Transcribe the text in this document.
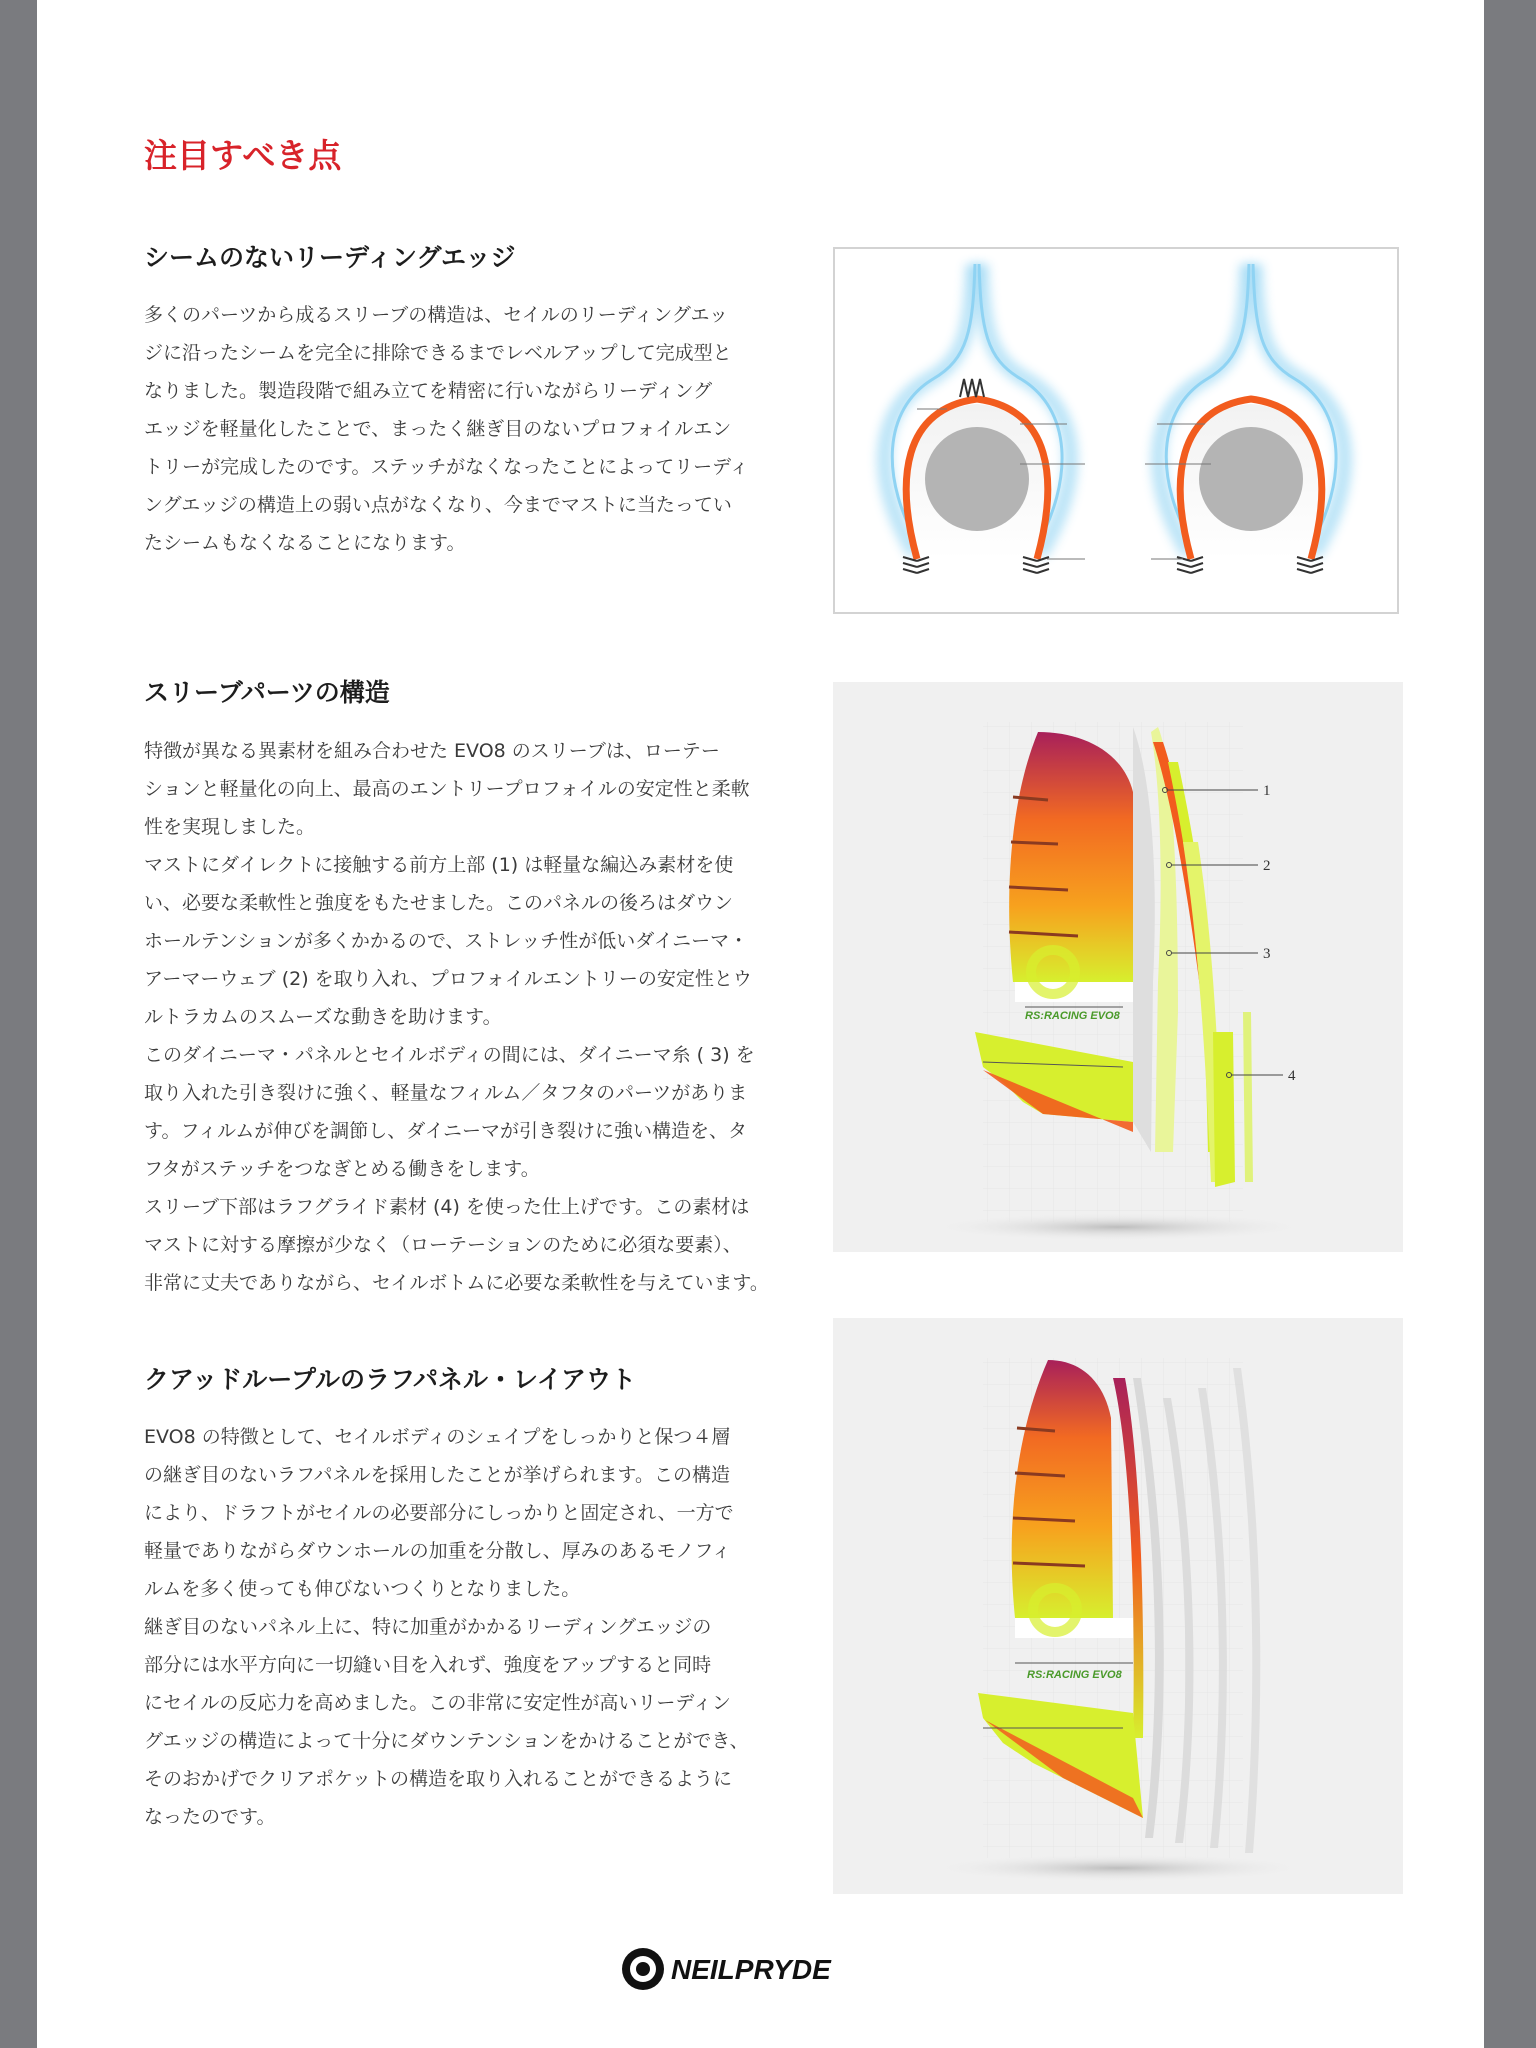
注目すべき点
シームのないリーディングエッジ

多くのパーツから成るスリーブの構造は、セイルのリーディングエッ
ジに沿ったシームを完全に排除できるまでレベルアップして完成型と
なりました。製造段階で組み立てを精密に行いながらリーディング
エッジを軽量化したことで、まったく継ぎ目のないプロフォイルエン
トリーが完成したのです。ステッチがなくなったことによってリーディ
ングエッジの構造上の弱い点がなくなり、今までマストに当たってい
たシームもなくなることになります。

スリーブパーツの構造

特徴が異なる異素材を組み合わせた EVO8 のスリーブは、ローテー
ションと軽量化の向上、最高のエントリープロフォイルの安定性と柔軟
性を実現しました。
マストにダイレクトに接触する前方上部 (1) は軽量な編込み素材を使
い、必要な柔軟性と強度をもたせました。このパネルの後ろはダウン
ホールテンションが多くかかるので、ストレッチ性が低いダイニーマ・
アーマーウェブ (2) を取り入れ、プロフォイルエントリーの安定性とウ
ルトラカムのスムーズな動きを助けます。
このダイニーマ・パネルとセイルボディの間には、ダイニーマ糸 ( 3) を
取り入れた引き裂けに強く、軽量なフィルム／タフタのパーツがありま
す。フィルムが伸びを調節し、ダイニーマが引き裂けに強い構造を、タ
フタがステッチをつなぎとめる働きをします。
スリーブ下部はラフグライド素材 (4) を使った仕上げです。この素材は
マストに対する摩擦が少なく（ローテーションのために必須な要素）、
非常に丈夫でありながら、セイルボトムに必要な柔軟性を与えています。

RS:RACING EVO8
1
2
3
4
クアッドループルのラフパネル・レイアウト

EVO8 の特徴として、セイルボディのシェイプをしっかりと保つ４層
の継ぎ目のないラフパネルを採用したことが挙げられます。この構造
により、ドラフトがセイルの必要部分にしっかりと固定され、一方で
軽量でありながらダウンホールの加重を分散し、厚みのあるモノフィ
ルムを多く使っても伸びないつくりとなりました。
継ぎ目のないパネル上に、特に加重がかかるリーディングエッジの
部分には水平方向に一切縫い目を入れず、強度をアップすると同時
にセイルの反応力を高めました。この非常に安定性が高いリーディン
グエッジの構造によって十分にダウンテンションをかけることができ、
そのおかげでクリアポケットの構造を取り入れることができるように
なったのです。

RS:RACING EVO8
NEILPRYDE
